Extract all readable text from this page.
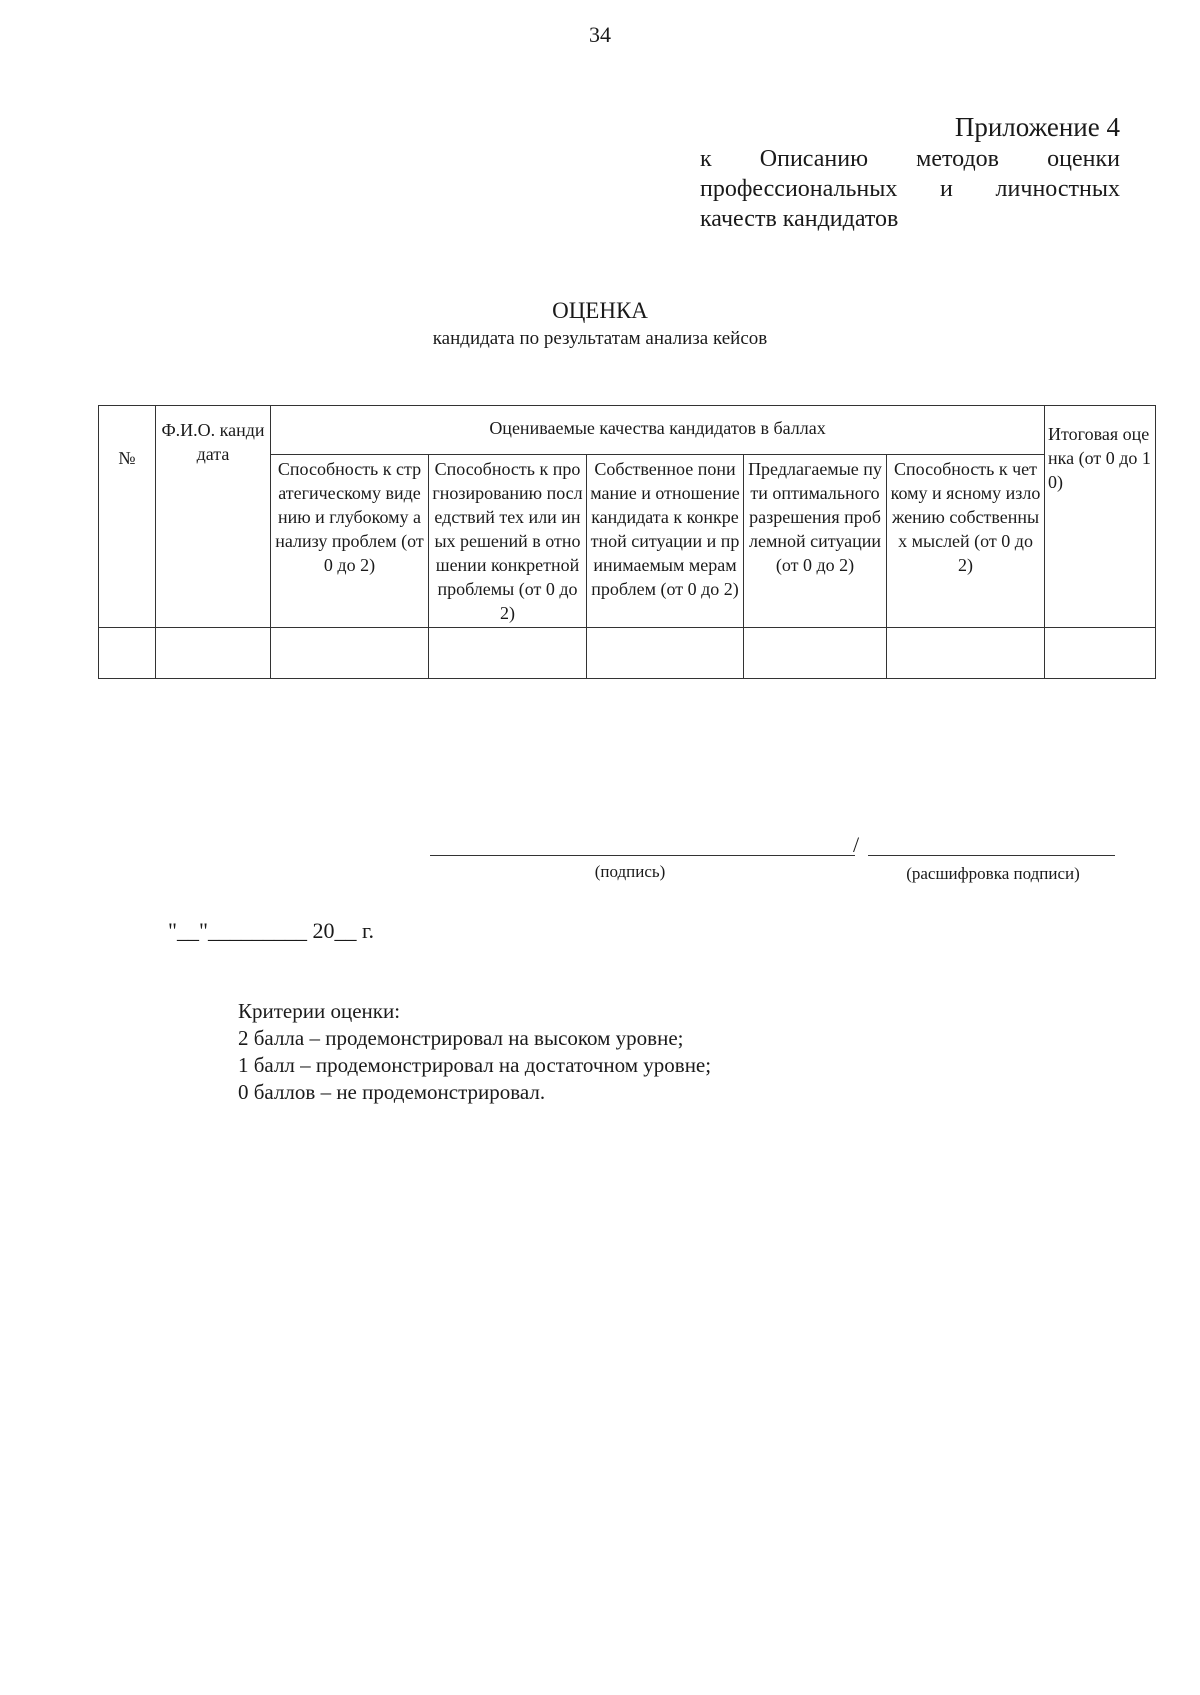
34
Приложение 4
к Описанию методов оценки
профессиональных и личностных
качеств кандидатов
ОЦЕНКА
кандидата по результатам анализа кейсов
№	Ф.И.О. канди дата	Оцениваемые качества кандидатов в баллах					Итоговая оценка (от 0 до 10)
		Способность к стратегическому видению и глубокому анализу проблем (от 0 до 2)	Способность к прогнозированию последствий тех или иных решений в отношении конкретной проблемы (от 0 до 2)	Собственное понимание и отношение кандидата к конкретной ситуации и принимаемым мерам проблем (от 0 до 2)	Предлагаемые пути оптимального разрешения проблемной ситуации (от 0 до 2)	Способность к четкому и ясному изложению собственных мыслей (от 0 до 2)	

/
(подпись)	(расшифровка подписи)
"__"_________ 20__ г.
Критерии оценки:
2 балла – продемонстрировал на высоком уровне;
1 балл – продемонстрировал на достаточном уровне;
0 баллов – не продемонстрировал.
